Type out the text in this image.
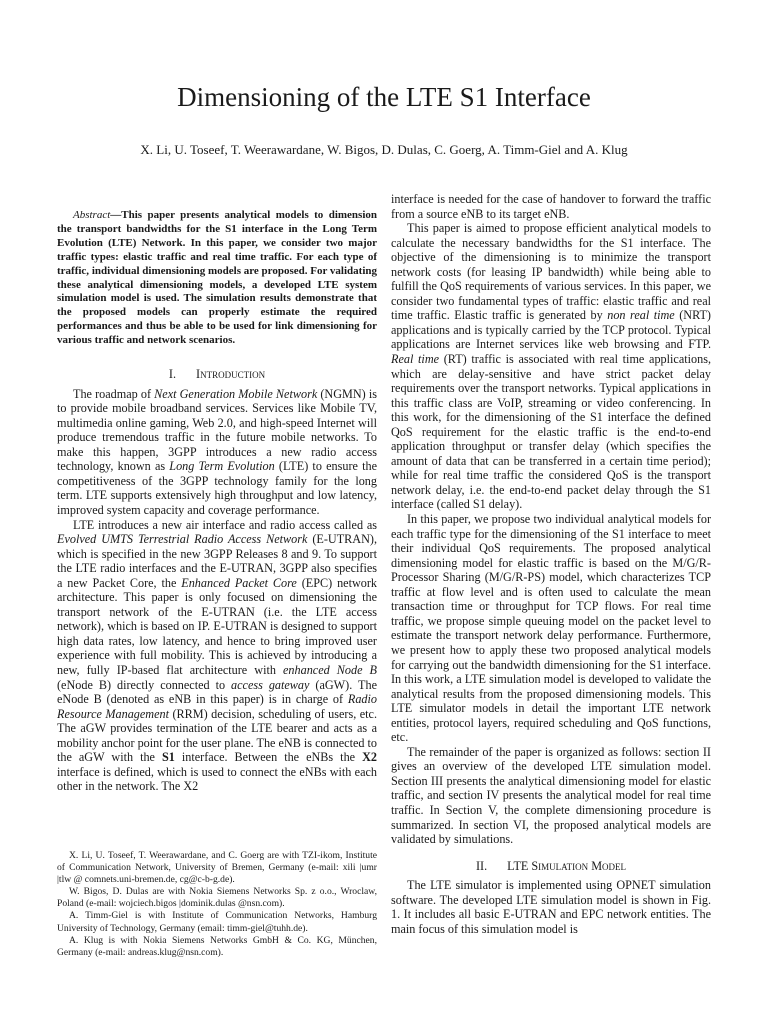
Dimensioning of the LTE S1 Interface

X. Li, U. Toseef, T. Weerawardane, W. Bigos, D. Dulas, C. Goerg, A. Timm-Giel and A. Klug

Abstract—This paper presents analytical models to dimension the transport bandwidths for the S1 interface in the Long Term Evolution (LTE) Network. In this paper, we consider two major traffic types: elastic traffic and real time traffic. For each type of traffic, individual dimensioning models are proposed. For validating these analytical dimensioning models, a developed LTE system simulation model is used. The simulation results demonstrate that the proposed models can properly estimate the required performances and thus be able to be used for link dimensioning for various traffic and network scenarios.

I. Introduction

The roadmap of Next Generation Mobile Network (NGMN) is to provide mobile broadband services. Services like Mobile TV, multimedia online gaming, Web 2.0, and high-speed Internet will produce tremendous traffic in the future mobile networks. To make this happen, 3GPP introduces a new radio access technology, known as Long Term Evolution (LTE) to ensure the competitiveness of the 3GPP technology family for the long term. LTE supports extensively high throughput and low latency, improved system capacity and coverage performance.

LTE introduces a new air interface and radio access called as Evolved UMTS Terrestrial Radio Access Network (E-UTRAN), which is specified in the new 3GPP Releases 8 and 9. To support the LTE radio interfaces and the E-UTRAN, 3GPP also specifies a new Packet Core, the Enhanced Packet Core (EPC) network architecture. This paper is only focused on dimensioning the transport network of the E-UTRAN (i.e. the LTE access network), which is based on IP. E-UTRAN is designed to support high data rates, low latency, and hence to bring improved user experience with full mobility. This is achieved by introducing a new, fully IP-based flat architecture with enhanced Node B (eNode B) directly connected to access gateway (aGW). The eNode B (denoted as eNB in this paper) is in charge of Radio Resource Management (RRM) decision, scheduling of users, etc. The aGW provides termination of the LTE bearer and acts as a mobility anchor point for the user plane. The eNB is connected to the aGW with the S1 interface. Between the eNBs the X2 interface is defined, which is used to connect the eNBs with each other in the network. The X2

X. Li, U. Toseef, T. Weerawardane, and C. Goerg are with TZI-ikom, Institute of Communication Network, University of Bremen, Germany (e-mail: xili |umr |tlw @ comnets.uni-bremen.de, cg@c-b-g.de).

W. Bigos, D. Dulas are with Nokia Siemens Networks Sp. z o.o., Wroclaw, Poland (e-mail: wojciech.bigos |dominik.dulas @nsn.com).

A. Timm-Giel is with Institute of Communication Networks, Hamburg University of Technology, Germany (email: timm-giel@tuhh.de).

A. Klug is with Nokia Siemens Networks GmbH & Co. KG, München, Germany (e-mail: andreas.klug@nsn.com).

interface is needed for the case of handover to forward the traffic from a source eNB to its target eNB.

This paper is aimed to propose efficient analytical models to calculate the necessary bandwidths for the S1 interface. The objective of the dimensioning is to minimize the transport network costs (for leasing IP bandwidth) while being able to fulfill the QoS requirements of various services. In this paper, we consider two fundamental types of traffic: elastic traffic and real time traffic. Elastic traffic is generated by non real time (NRT) applications and is typically carried by the TCP protocol. Typical applications are Internet services like web browsing and FTP. Real time (RT) traffic is associated with real time applications, which are delay-sensitive and have strict packet delay requirements over the transport networks. Typical applications in this traffic class are VoIP, streaming or video conferencing. In this work, for the dimensioning of the S1 interface the defined QoS requirement for the elastic traffic is the end-to-end application throughput or transfer delay (which specifies the amount of data that can be transferred in a certain time period); while for real time traffic the considered QoS is the transport network delay, i.e. the end-to-end packet delay through the S1 interface (called S1 delay).

In this paper, we propose two individual analytical models for each traffic type for the dimensioning of the S1 interface to meet their individual QoS requirements. The proposed analytical dimensioning model for elastic traffic is based on the M/G/R-Processor Sharing (M/G/R-PS) model, which characterizes TCP traffic at flow level and is often used to calculate the mean transaction time or throughput for TCP flows. For real time traffic, we propose simple queuing model on the packet level to estimate the transport network delay performance. Furthermore, we present how to apply these two proposed analytical models for carrying out the bandwidth dimensioning for the S1 interface. In this work, a LTE simulation model is developed to validate the analytical results from the proposed dimensioning models. This LTE simulator models in detail the important LTE network entities, protocol layers, required scheduling and QoS functions, etc.

The remainder of the paper is organized as follows: section II gives an overview of the developed LTE simulation model. Section III presents the analytical dimensioning model for elastic traffic, and section IV presents the analytical model for real time traffic. In Section V, the complete dimensioning procedure is summarized. In section VI, the proposed analytical models are validated by simulations.

II. LTE Simulation Model

The LTE simulator is implemented using OPNET simulation software. The developed LTE simulation model is shown in Fig. 1. It includes all basic E-UTRAN and EPC network entities. The main focus of this simulation model is
